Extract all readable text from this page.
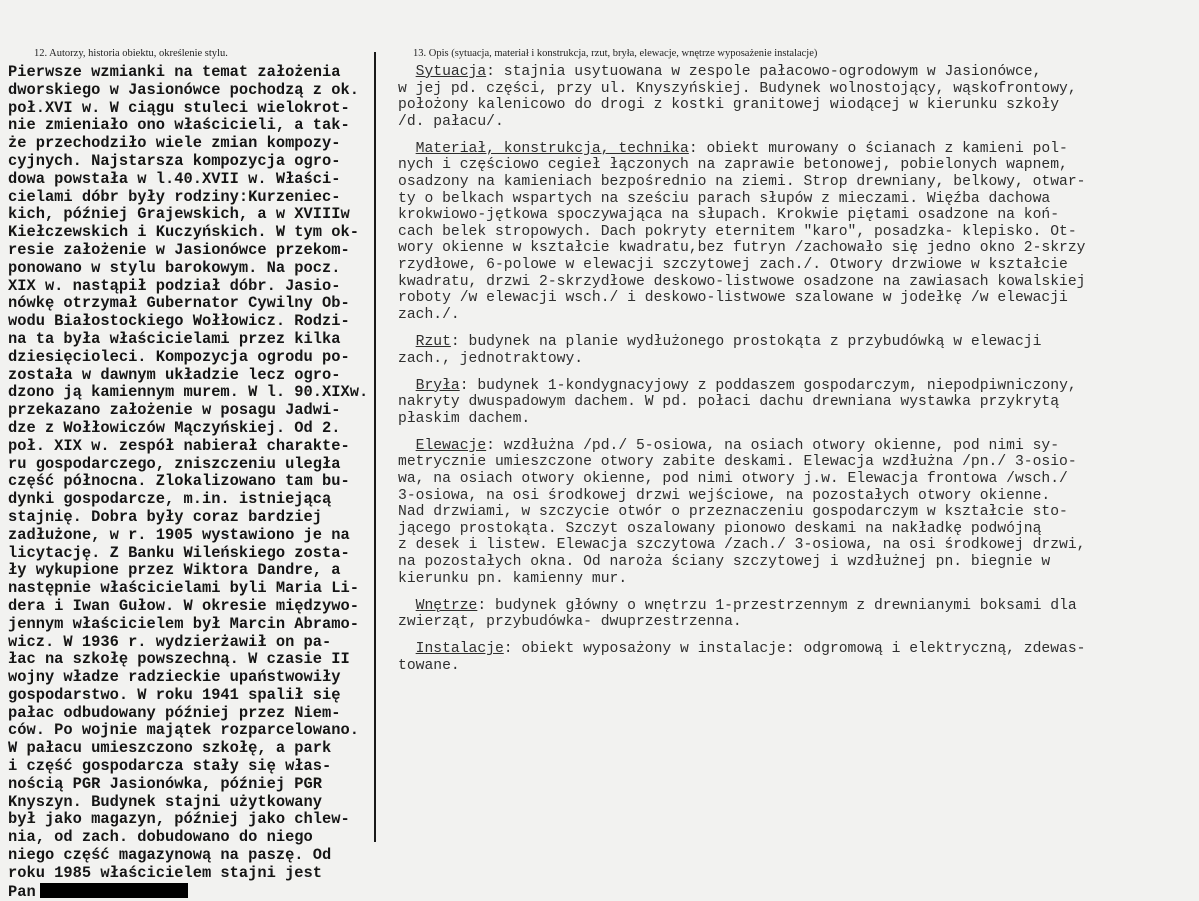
12. Autorzy, historia obiektu, określenie stylu.	13. Opis (sytuacja, materiał i konstrukcja, rzut, bryła, elewacje, wnętrze wyposażenie instalacje)
Pierwsze wzmianki na temat założenia
dworskiego w Jasionówce pochodzą z ok.
poł.XVI w. W ciągu stuleci wielokrot-
nie zmieniało ono właścicieli, a tak-
że przechodziło wiele zmian kompozy-
cyjnych. Najstarsza kompozycja ogro-
dowa powstała w l.40.XVII w. Właści-
cielami dóbr były rodziny:Kurzeniec-
kich, później Grajewskich, a w XVIIIw
Kiełczewskich i Kuczyńskich. W tym ok-
resie założenie w Jasionówce przekom-
ponowano w stylu barokowym. Na pocz.
XIX w. nastąpił podział dóbr. Jasio-
nówkę otrzymał Gubernator Cywilny Ob-
wodu Białostockiego Wołłowicz. Rodzi-
na ta była właścicielami przez kilka
dziesięcioleci. Kompozycja ogrodu po-
została w dawnym układzie lecz ogro-
dzono ją kamiennym murem. W l. 90.XIXw.
przekazano założenie w posagu Jadwi-
dze z Wołłowiczów Mączyńskiej. Od 2.
poł. XIX w. zespół nabierał charakte-
ru gospodarczego, zniszczeniu uległa
część północna. Zlokalizowano tam bu-
dynki gospodarcze, m.in. istniejącą
stajnię. Dobra były coraz bardziej
zadłużone, w r. 1905 wystawiono je na
licytację. Z Banku Wileńskiego zosta-
ły wykupione przez Wiktora Dandre, a
następnie właścicielami byli Maria Li-
dera i Iwan Gułow. W okresie międzywo-
jennym właścicielem był Marcin Abramo-
wicz. W 1936 r. wydzierżawił on pa-
łac na szkołę powszechną. W czasie II
wojny władze radzieckie upaństwowiły
gospodarstwo. W roku 1941 spalił się
pałac odbudowany później przez Niem-
ców. Po wojnie majątek rozparcelowano.
W pałacu umieszczono szkołę, a park
i część gospodarcza stały się włas-
nością PGR Jasionówka, później PGR
Knyszyn. Budynek stajni użytkowany
był jako magazyn, później jako chlew-
nia, od zach. dobudowano do niego
niego część magazynową na paszę. Od
roku 1985 właścicielem stajni jest
Pan
Sytuacja: stajnia usytuowana w zespole pałacowo-ogrodowym w Jasionówce,
w jej pd. części, przy ul. Knyszyńskiej. Budynek wolnostojący, wąskofrontowy,
położony kalenicowo do drogi z kostki granitowej wiodącej w kierunku szkoły
/d. pałacu/.
Materiał, konstrukcja, technika: obiekt murowany o ścianach z kamieni pol-
nych i częściowo cegieł łączonych na zaprawie betonowej, pobielonych wapnem,
osadzony na kamieniach bezpośrednio na ziemi. Strop drewniany, belkowy, otwar-
ty o belkach wspartych na sześciu parach słupów z mieczami. Więźba dachowa
krokwiowo-jętkowa spoczywająca na słupach. Krokwie piętami osadzone na koń-
cach belek stropowych. Dach pokryty eternitem "karo", posadzka- klepisko. Ot-
wory okienne w kształcie kwadratu,bez futryn /zachowało się jedno okno 2-skrzy
rzydłowe, 6-polowe w elewacji szczytowej zach./. Otwory drzwiowe w kształcie
kwadratu, drzwi 2-skrzydłowe deskowo-listwowe osadzone na zawiasach kowalskiej
roboty /w elewacji wsch./ i deskowo-listwowe szalowane w jodełkę /w elewacji
zach./.
Rzut: budynek na planie wydłużonego prostokąta z przybudówką w elewacji
zach., jednotraktowy.
Bryła: budynek 1-kondygnacyjowy z poddaszem gospodarczym, niepodpiwniczony,
nakryty dwuspadowym dachem. W pd. połaci dachu drewniana wystawka przykrytą
płaskim dachem.
Elewacje: wzdłużna /pd./ 5-osiowa, na osiach otwory okienne, pod nimi sy-
metrycznie umieszczone otwory zabite deskami. Elewacja wzdłużna /pn./ 3-osio-
wa, na osiach otwory okienne, pod nimi otwory j.w. Elewacja frontowa /wsch./
3-osiowa, na osi środkowej drzwi wejściowe, na pozostałych otwory okienne.
Nad drzwiami, w szczycie otwór o przeznaczeniu gospodarczym w kształcie sto-
jącego prostokąta. Szczyt oszalowany pionowo deskami na nakładkę podwójną
z desek i listew. Elewacja szczytowa /zach./ 3-osiowa, na osi środkowej drzwi,
na pozostałych okna. Od naroża ściany szczytowej i wzdłużnej pn. biegnie w
kierunku pn. kamienny mur.
Wnętrze: budynek główny o wnętrzu 1-przestrzennym z drewnianymi boksami dla
zwierząt, przybudówka- dwuprzestrzenna.
Instalacje: obiekt wyposażony w instalacje: odgromową i elektryczną, zdewas-
towane.
